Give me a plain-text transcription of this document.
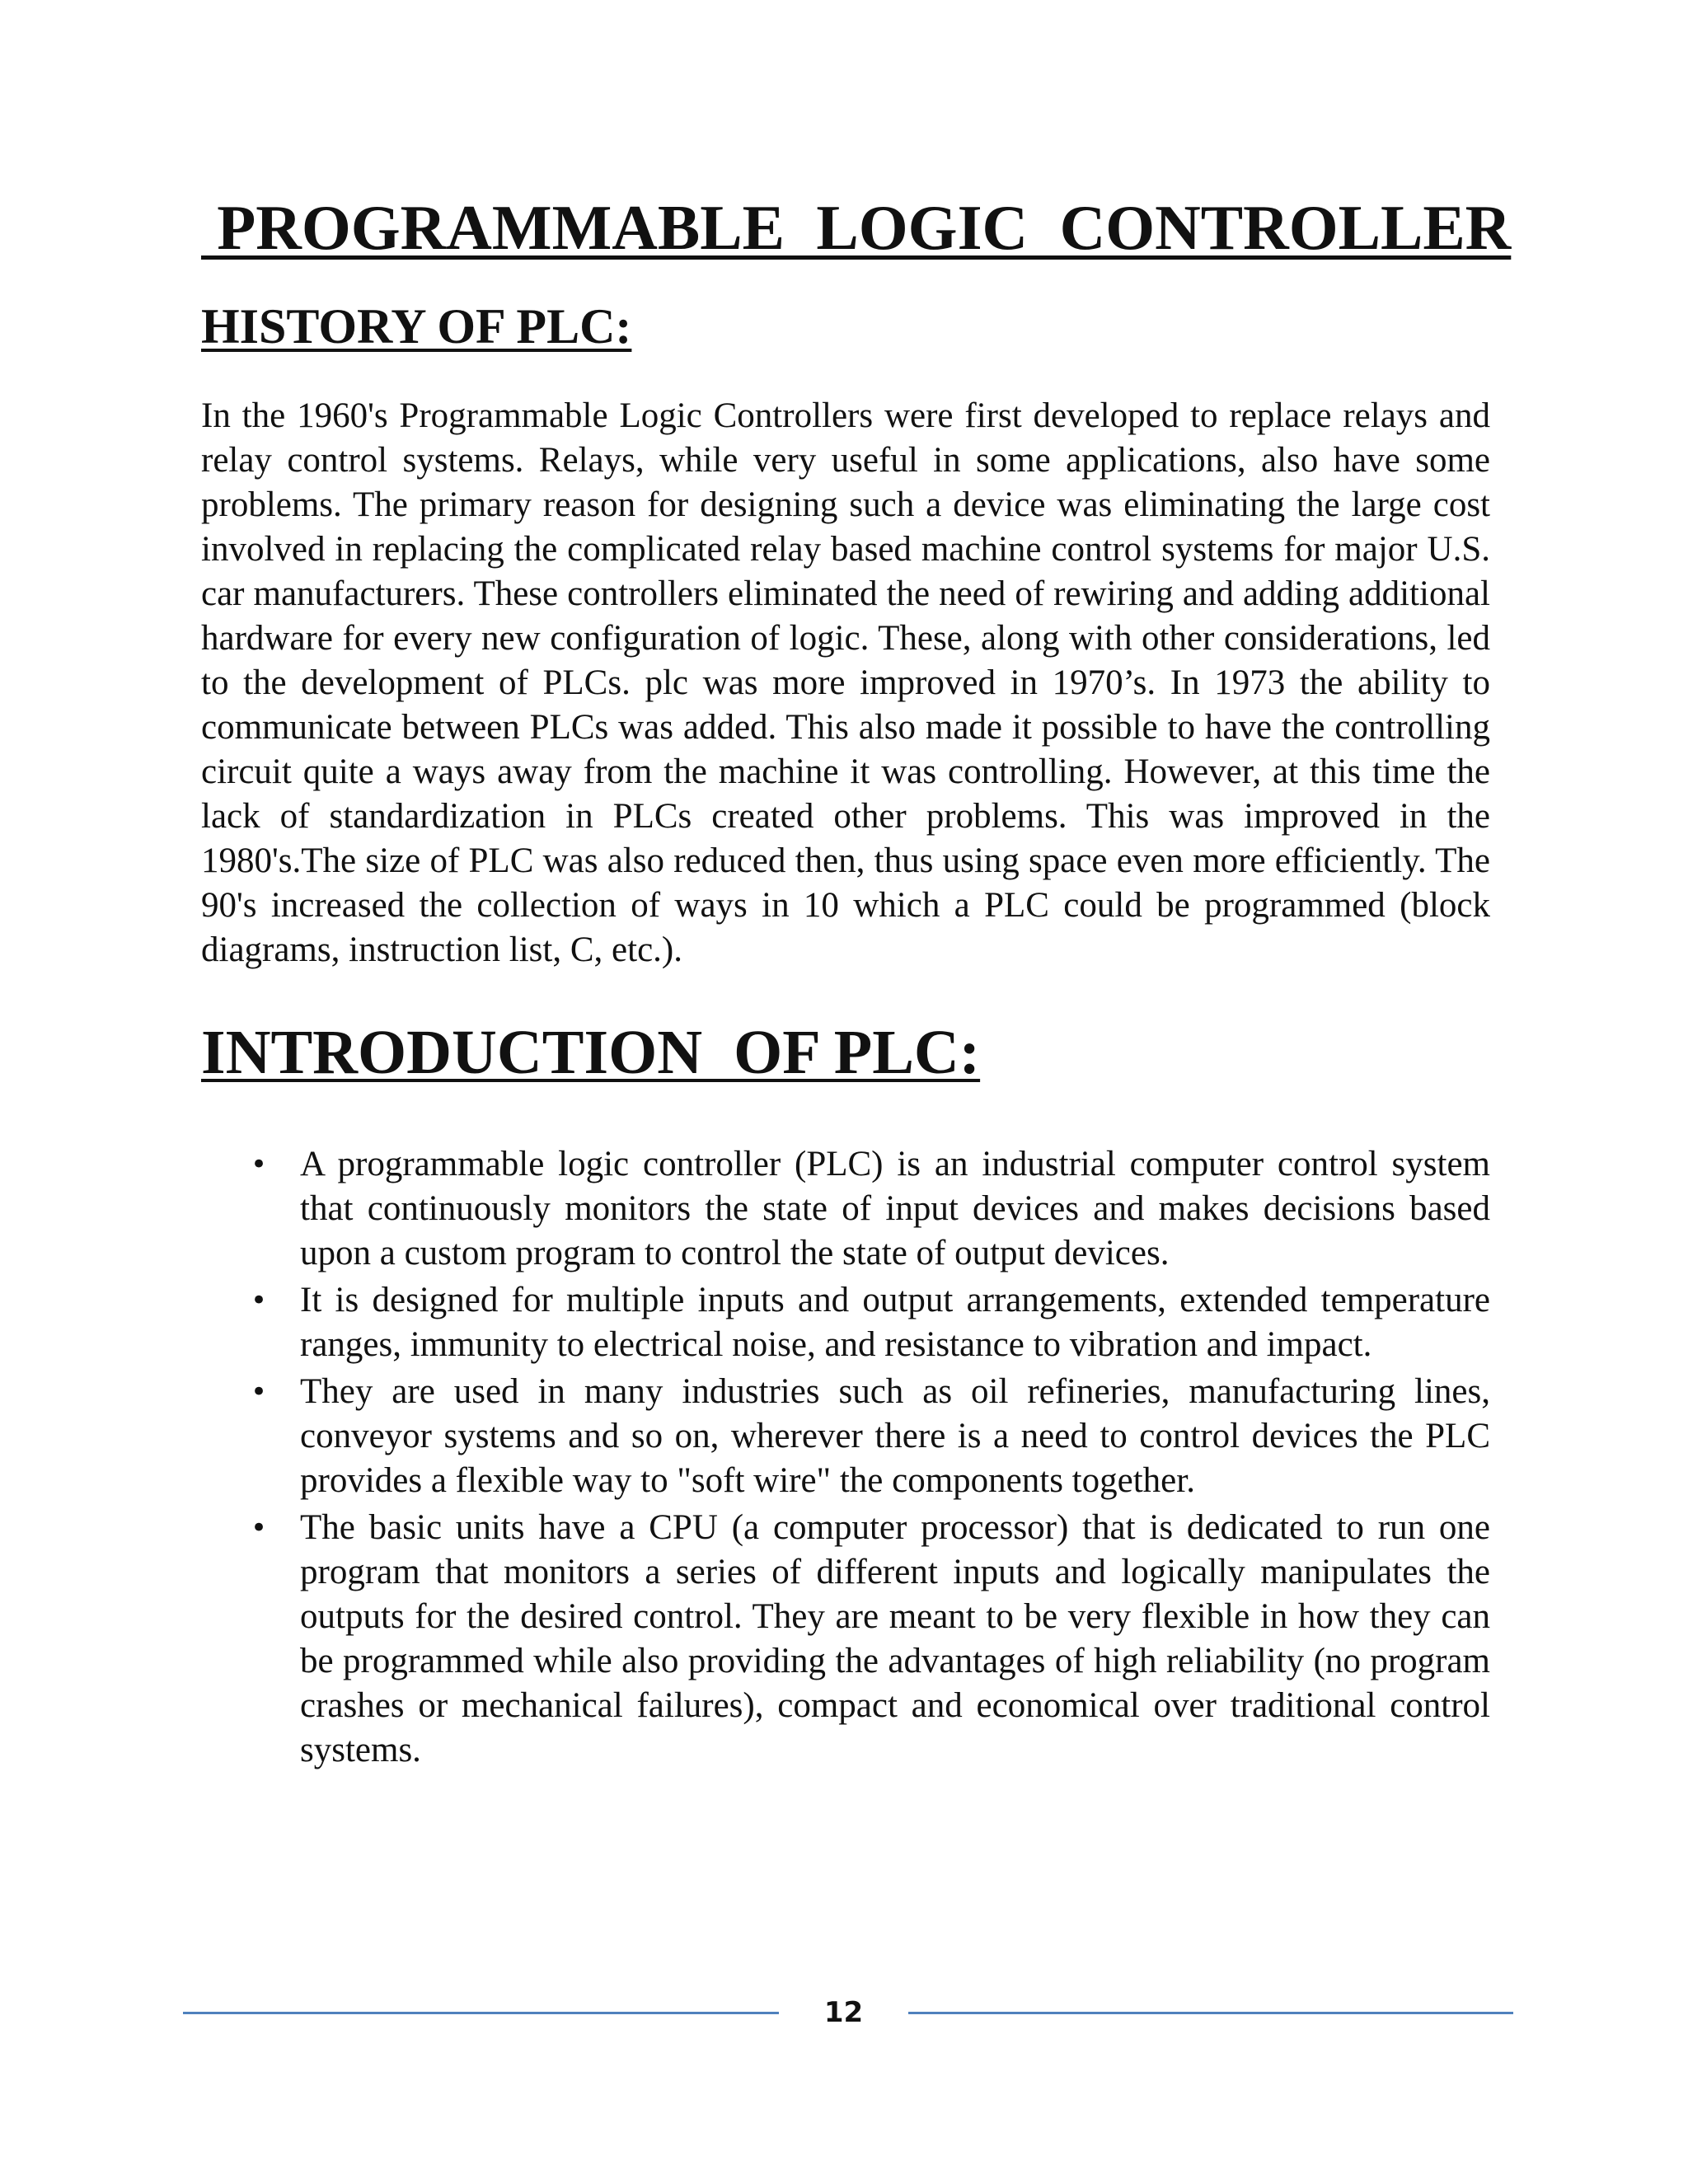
PROGRAMMABLE  LOGIC  CONTROLLER
HISTORY OF PLC:

In the 1960's Programmable Logic Controllers were first developed to replace relays and relay control systems. Relays, while very useful in some applications, also have some problems. The primary reason for designing such a device was eliminating the large cost involved in replacing the complicated relay based machine control systems for major U.S. car manufacturers. These controllers eliminated the need of rewiring and adding additional hardware for every new configuration of logic. These, along with other considerations, led to the development of PLCs. plc was more improved in 1970’s. In 1973 the ability to communicate between PLCs was added. This also made it possible to have the controlling circuit quite a ways away from the machine it was controlling. However, at this time the lack of standardization in PLCs created other problems. This was improved in the 1980's.The size of PLC was also reduced then, thus using space even more efficiently. The 90's increased the collection of ways in 10 which a PLC could be programmed (block diagrams, instruction list, C, etc.).

INTRODUCTION  OF PLC:
• A programmable logic controller (PLC) is an industrial computer control system that continuously monitors the state of input devices and makes decisions based upon a custom program to control the state of output devices.
• It is designed for multiple inputs and output arrangements, extended temperature ranges, immunity to electrical noise, and resistance to vibration and impact.
• They are used in many industries such as oil refineries, manufacturing lines, conveyor systems and so on, wherever there is a need to control devices the PLC provides a flexible way to "soft wire" the components together.
• The basic units have a CPU (a computer processor) that is dedicated to run one program that monitors a series of different inputs and logically manipulates the outputs for the desired control. They are meant to be very flexible in how they can be programmed while also providing the advantages of high reliability (no program crashes or mechanical failures), compact and economical over traditional control systems.
12
